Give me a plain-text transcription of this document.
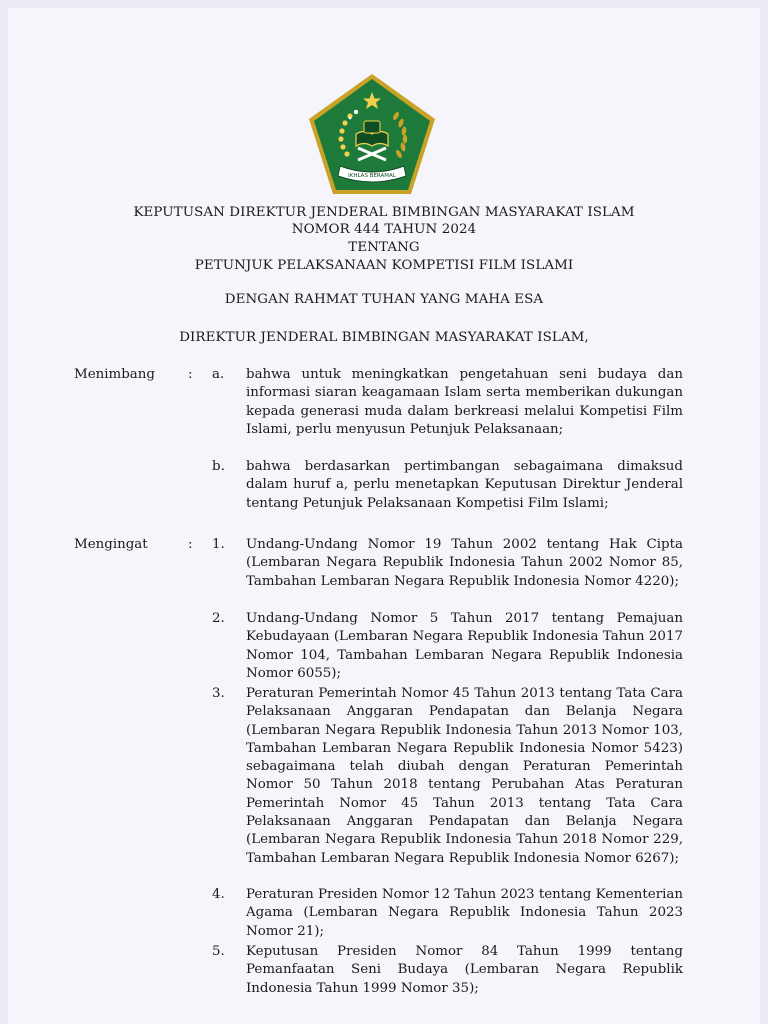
IKHLAS BERAMAL
KEPUTUSAN DIREKTUR JENDERAL BIMBINGAN MASYARAKAT ISLAM
NOMOR 444 TAHUN 2024
TENTANG
PETUNJUK PELAKSANAAN KOMPETISI FILM ISLAMI
DENGAN RAHMAT TUHAN YANG MAHA ESA
DIREKTUR JENDERAL BIMBINGAN MASYARAKAT ISLAM,
Menimbang : a. bahwa untuk meningkatkan pengetahuan seni budaya dan informasi siaran keagamaan Islam serta memberikan dukungan kepada generasi muda dalam berkreasi melalui Kompetisi Film Islami, perlu menyusun Petunjuk Pelaksanaan;
b. bahwa berdasarkan pertimbangan sebagaimana dimaksud dalam huruf a, perlu menetapkan Keputusan Direktur Jenderal tentang Petunjuk Pelaksanaan Kompetisi Film Islami;
Mengingat	: 1. Undang-Undang Nomor 19 Tahun 2002 tentang Hak Cipta (Lembaran Negara Republik Indonesia Tahun 2002 Nomor 85, Tambahan Lembaran Negara Republik Indonesia Nomor 4220);
2. Undang-Undang Nomor 5 Tahun 2017 tentang Pemajuan Kebudayaan (Lembaran Negara Republik Indonesia Tahun 2017 Nomor 104, Tambahan Lembaran Negara Republik Indonesia Nomor 6055);
3. Peraturan Pemerintah Nomor 45 Tahun 2013 tentang Tata Cara Pelaksanaan Anggaran Pendapatan dan Belanja Negara (Lembaran Negara Republik Indonesia Tahun 2013 Nomor 103, Tambahan Lembaran Negara Republik Indonesia Nomor 5423) sebagaimana telah diubah dengan Peraturan Pemerintah Nomor 50 Tahun 2018 tentang Perubahan Atas Peraturan Pemerintah Nomor 45 Tahun 2013 tentang Tata Cara Pelaksanaan Anggaran Pendapatan dan Belanja Negara (Lembaran Negara Republik Indonesia Tahun 2018 Nomor 229, Tambahan Lembaran Negara Republik Indonesia Nomor 6267);
4. Peraturan Presiden Nomor 12 Tahun 2023 tentang Kementerian Agama (Lembaran Negara Republik Indonesia Tahun 2023 Nomor 21);
5. Keputusan Presiden Nomor 84 Tahun 1999 tentang Pemanfaatan Seni Budaya (Lembaran Negara Republik Indonesia Tahun 1999 Nomor 35);
